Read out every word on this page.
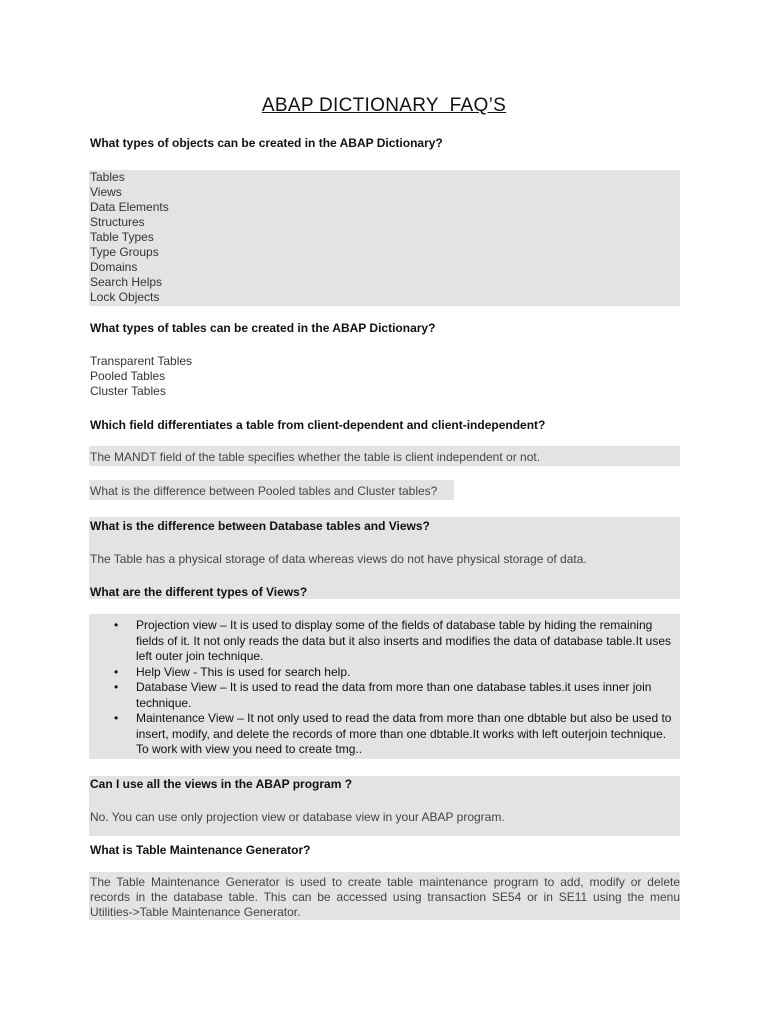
ABAP DICTIONARY  FAQ’S
What types of objects can be created in the ABAP Dictionary?
Tables
Views
Data Elements
Structures
Table Types
Type Groups
Domains
Search Helps
Lock Objects
What types of tables can be created in the ABAP Dictionary?
Transparent Tables
Pooled Tables
Cluster Tables
Which field differentiates a table from client-dependent and client-independent?
The MANDT field of the table specifies whether the table is client independent or not.
What is the difference between Pooled tables and Cluster tables?
What is the difference between Database tables and Views?
The Table has a physical storage of data whereas views do not have physical storage of data.
What are the different types of Views?
• Projection view – It is used to display some of the fields of database table by hiding the remaining fields of it. It not only reads the data but it also inserts and modifies the data of database table.It uses left outer join technique.
• Help View - This is used for search help.
• Database View – It is used to read the data from more than one database tables.it uses inner join technique.
• Maintenance View – It not only used to read the data from more than one dbtable but also be used to insert, modify, and delete the records of more than one dbtable.It works with left outerjoin technique. To work with view you need to create tmg..
Can I use all the views in the ABAP program ?
No. You can use only projection view or database view in your ABAP program.
What is Table Maintenance Generator?
The Table Maintenance Generator is used to create table maintenance program to add, modify or delete records in the database table. This can be accessed using transaction SE54 or in SE11 using the menu Utilities->Table Maintenance Generator.
